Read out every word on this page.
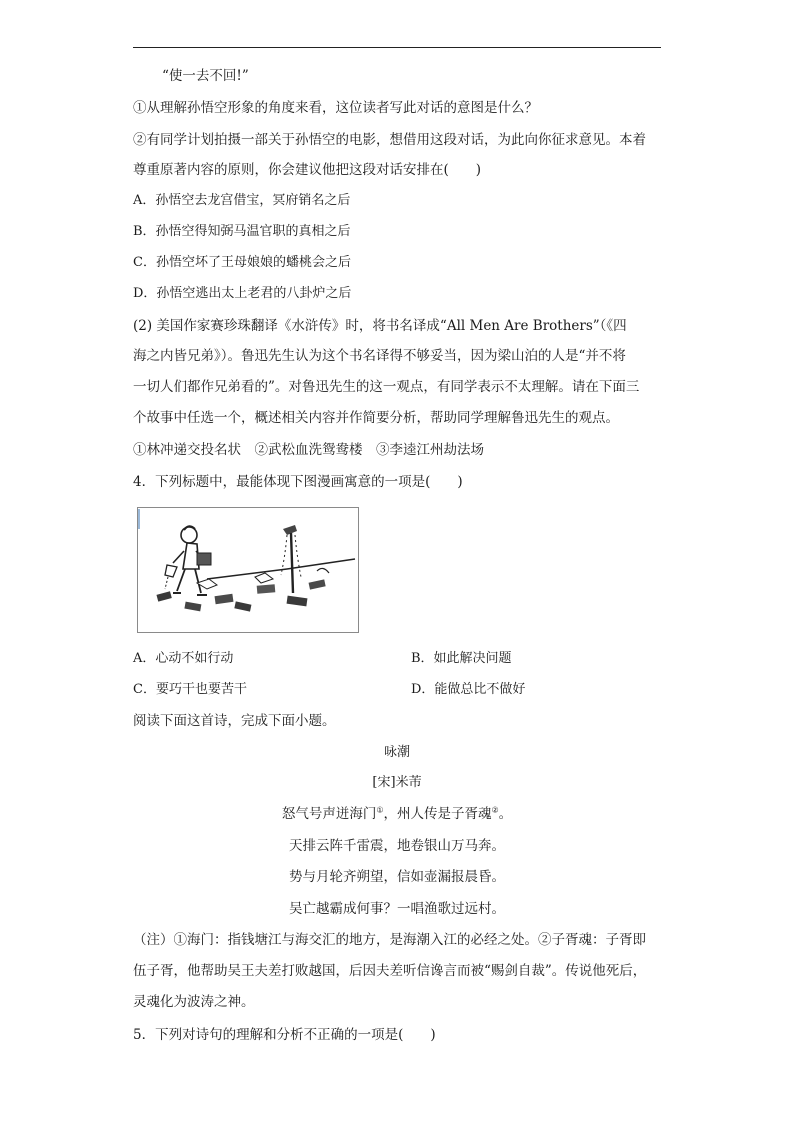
“使一去不回!”
①从理解孙悟空形象的角度来看，这位读者写此对话的意图是什么？
②有同学计划拍摄一部关于孙悟空的电影，想借用这段对话，为此向你征求意见。本着
尊重原著内容的原则，你会建议他把这段对话安排在(　　)
A．孙悟空去龙宫借宝，冥府销名之后
B．孙悟空得知弼马温官职的真相之后
C．孙悟空坏了王母娘娘的蟠桃会之后
D．孙悟空逃出太上老君的八卦炉之后
(2) 美国作家赛珍珠翻译《水浒传》时，将书名译成“All Men Are Brothers”（《四
海之内皆兄弟》）。鲁迅先生认为这个书名译得不够妥当，因为梁山泊的人是“并不将
一切人们都作兄弟看的”。对鲁迅先生的这一观点，有同学表示不太理解。请在下面三
个故事中任选一个，概述相关内容并作简要分析，帮助同学理解鲁迅先生的观点。
①林冲递交投名状　②武松血洗鸳鸯楼　③李逵江州劫法场
4．下列标题中，最能体现下图漫画寓意的一项是(　　)
A．心动不如行动	B．如此解决问题
C．要巧干也要苦干	D．能做总比不做好
阅读下面这首诗，完成下面小题。
咏潮
[宋]米芾
怒气号声迸海门①，州人传是子胥魂②。
天排云阵千雷震，地卷银山万马奔。
势与月轮齐朔望，信如壶漏报晨昏。
吴亡越霸成何事？一唱渔歌过远村。
（注）①海门：指钱塘江与海交汇的地方，是海潮入江的必经之处。②子胥魂：子胥即
伍子胥，他帮助吴王夫差打败越国，后因夫差听信谗言而被“赐剑自裁”。传说他死后，
灵魂化为波涛之神。
5．下列对诗句的理解和分析不正确的一项是(　　)
